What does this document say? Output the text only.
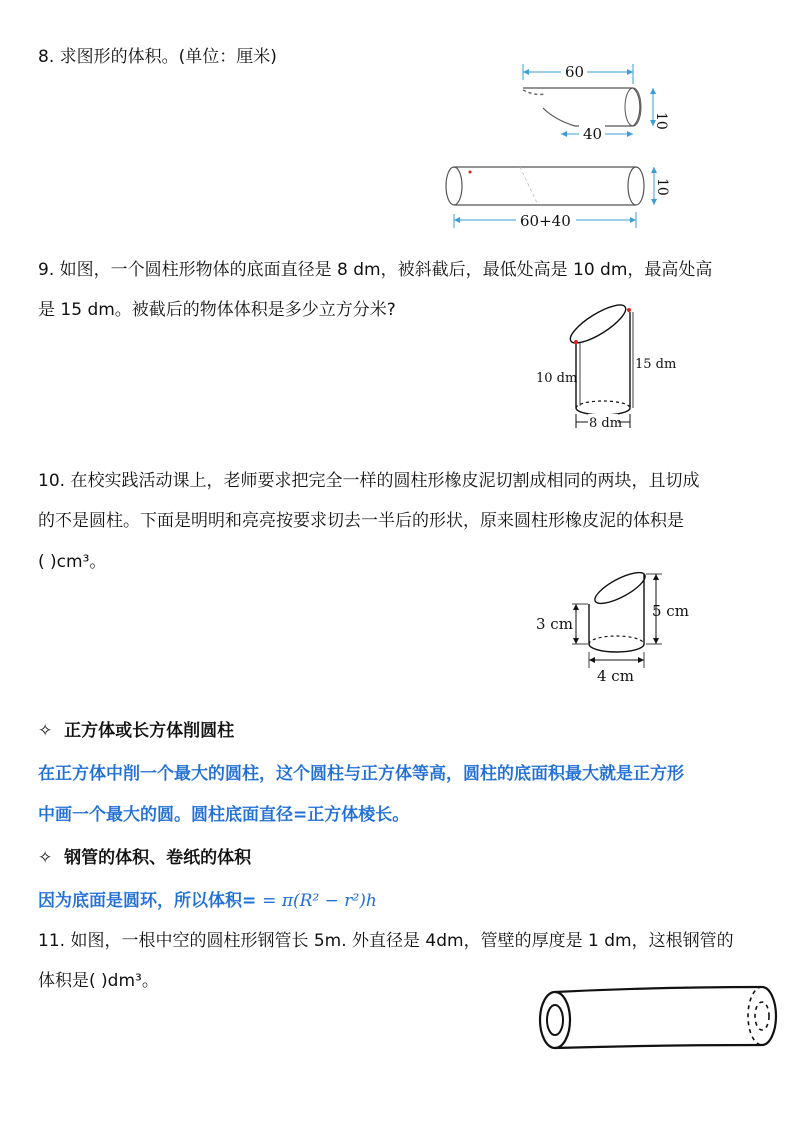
8. 求图形的体积。(单位：厘米)
60
10
40
10
60+40
9. 如图，一个圆柱形物体的底面直径是 8 dm，被斜截后，最低处高是 10 dm，最高处高
是 15 dm。被截后的物体体积是多少立方分米?
10 dm
15 dm
8 dm
10. 在校实践活动课上，老师要求把完全一样的圆柱形橡皮泥切割成相同的两块，且切成
的不是圆柱。下面是明明和亮亮按要求切去一半后的形状，原来圆柱形橡皮泥的体积是
( )cm³。
3 cm
5 cm
4 cm
✧ 正方体或长方体削圆柱
在正方体中削一个最大的圆柱，这个圆柱与正方体等高，圆柱的底面积最大就是正方形
中画一个最大的圆。圆柱底面直径=正方体棱长。
✧ 钢管的体积、卷纸的体积
因为底面是圆环，所以体积= = π(R² − r²)h
11. 如图，一根中空的圆柱形钢管长 5m. 外直径是 4dm，管壁的厚度是 1 dm，这根钢管的
体积是( )dm³。
